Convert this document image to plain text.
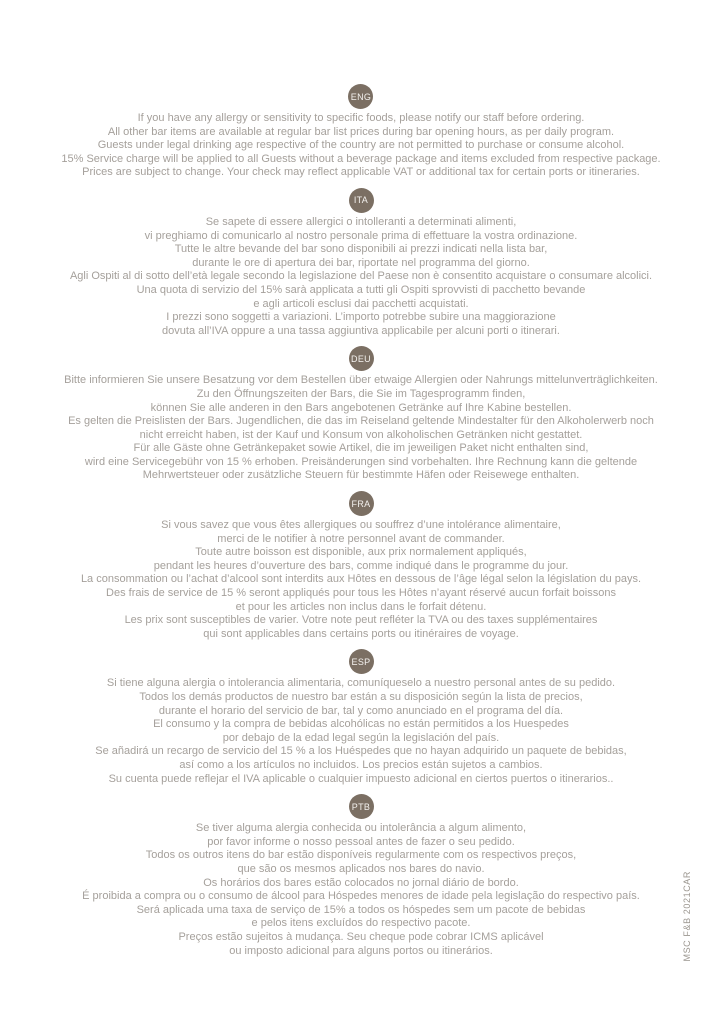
ENG
If you have any allergy or sensitivity to specific foods, please notify our staff before ordering.
All other bar items are available at regular bar list prices during bar opening hours, as per daily program.
Guests under legal drinking age respective of the country are not permitted to purchase or consume alcohol.
15% Service charge will be applied to all Guests without a beverage package and items excluded from respective package.
Prices are subject to change. Your check may reflect applicable VAT or additional tax for certain ports or itineraries.
ITA
Se sapete di essere allergici o intolleranti a determinati alimenti,
vi preghiamo di comunicarlo al nostro personale prima di effettuare la vostra ordinazione.
Tutte le altre bevande del bar sono disponibili ai prezzi indicati nella lista bar,
durante le ore di apertura dei bar, riportate nel programma del giorno.
Agli Ospiti al di sotto dell’età legale secondo la legislazione del Paese non è consentito acquistare o consumare alcolici.
Una quota di servizio del 15% sarà applicata a tutti gli Ospiti sprovvisti di pacchetto bevande
e agli articoli esclusi dai pacchetti acquistati.
I prezzi sono soggetti a variazioni. L’importo potrebbe subire una maggiorazione
dovuta all’IVA oppure a una tassa aggiuntiva applicabile per alcuni porti o itinerari.
DEU
Bitte informieren Sie unsere Besatzung vor dem Bestellen über etwaige Allergien oder Nahrungs mittelunverträglichkeiten.
Zu den Öffnungszeiten der Bars, die Sie im Tagesprogramm finden,
können Sie alle anderen in den Bars angebotenen Getränke auf Ihre Kabine bestellen.
Es gelten die Preislisten der Bars. Jugendlichen, die das im Reiseland geltende Mindestalter für den Alkoholerwerb noch
nicht erreicht haben, ist der Kauf und Konsum von alkoholischen Getränken nicht gestattet.
Für alle Gäste ohne Getränkepaket sowie Artikel, die im jeweiligen Paket nicht enthalten sind,
wird eine Servicegebühr von 15 % erhoben. Preisänderungen sind vorbehalten. Ihre Rechnung kann die geltende
Mehrwertsteuer oder zusätzliche Steuern für bestimmte Häfen oder Reisewege enthalten.
FRA
Si vous savez que vous êtes allergiques ou souffrez d’une intolérance alimentaire,
merci de le notifier à notre personnel avant de commander.
Toute autre boisson est disponible, aux prix normalement appliqués,
pendant les heures d’ouverture des bars, comme indiqué dans le programme du jour.
La consommation ou l’achat d’alcool sont interdits aux Hôtes en dessous de l’âge légal selon la législation du pays.
Des frais de service de 15 % seront appliqués pour tous les Hôtes n’ayant réservé aucun forfait boissons
et pour les articles non inclus dans le forfait détenu.
Les prix sont susceptibles de varier. Votre note peut refléter la TVA ou des taxes supplémentaires
qui sont applicables dans certains ports ou itinéraires de voyage.
ESP
Si tiene alguna alergia o intolerancia alimentaria, comuníqueselo a nuestro personal antes de su pedido.
Todos los demás productos de nuestro bar están a su disposición según la lista de precios,
durante el horario del servicio de bar, tal y como anunciado en el programa del día.
El consumo y la compra de bebidas alcohólicas no están permitidos a los Huespedes
por debajo de la edad legal según la legislación del país.
Se añadirá un recargo de servicio del 15 % a los Huéspedes que no hayan adquirido un paquete de bebidas,
así como a los artículos no incluidos. Los precios están sujetos a cambios.
Su cuenta puede reflejar el IVA aplicable o cualquier impuesto adicional en ciertos puertos o itinerarios..
PTB
Se tiver alguma alergia conhecida ou intolerância a algum alimento,
por favor informe o nosso pessoal antes de fazer o seu pedido.
Todos os outros itens do bar estão disponíveis regularmente com os respectivos preços,
que são os mesmos aplicados nos bares do navio.
Os horários dos bares estão colocados no jornal diário de bordo.
É proibida a compra ou o consumo de álcool para Hóspedes menores de idade pela legislação do respectivo país.
Será aplicada uma taxa de serviço de 15% a todos os hóspedes sem um pacote de bebidas
e pelos itens excluídos do respectivo pacote.
Preços estão sujeitos à mudança. Seu cheque pode cobrar ICMS aplicável
ou imposto adicional para alguns portos ou itinerários.	MSC F&B 2021CAR
